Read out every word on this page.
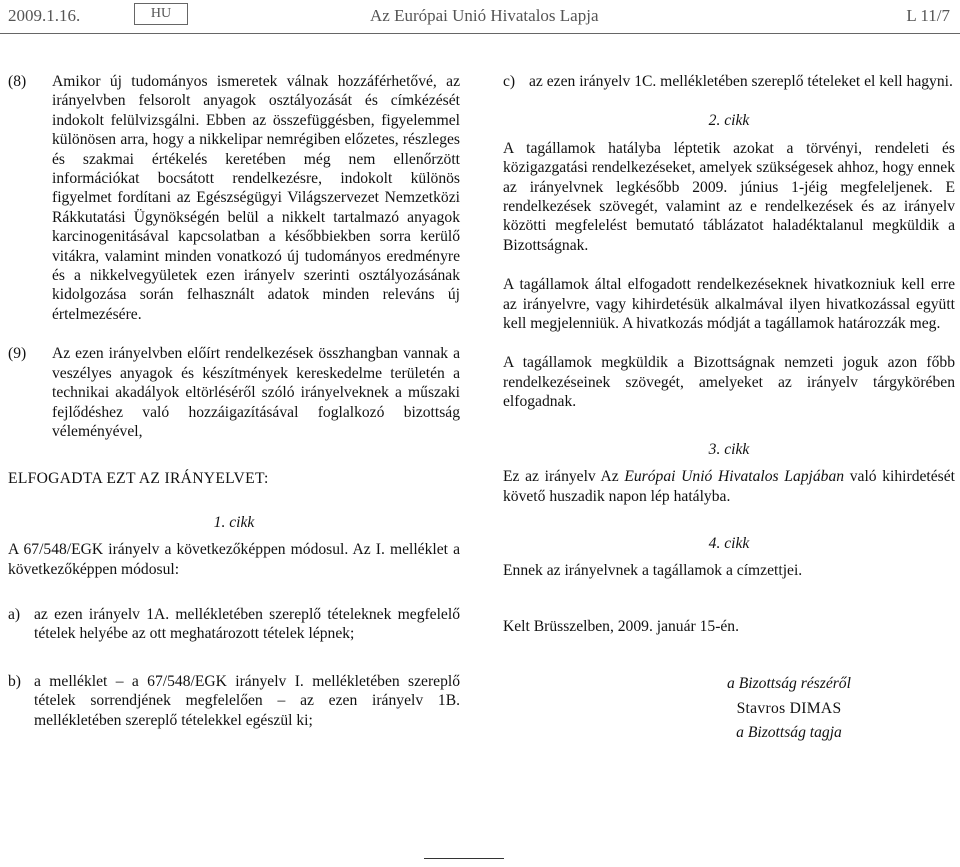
2009.1.16.	HU	Az Európai Unió Hivatalos Lapja	L 11/7
(8) Amikor új tudományos ismeretek válnak hozzáférhetővé, az irányelvben felsorolt anyagok osztályozását és címkézését indokolt felülvizsgálni. Ebben az összefüggésben, figyelemmel különösen arra, hogy a nikkelipar nemrégiben előzetes, részleges és szakmai értékelés keretében még nem ellenőrzött információkat bocsátott rendelkezésre, indokolt különös figyelmet fordítani az Egészségügyi Világszervezet Nemzetközi Rákkutatási Ügynökségén belül a nikkelt tartalmazó anyagok karcinogenitásával kapcsolatban a későbbiekben sorra kerülő vitákra, valamint minden vonatkozó új tudományos eredményre és a nikkelvegyületek ezen irányelv szerinti osztályozásának kidolgozása során felhasznált adatok minden releváns új értelmezésére.
(9) Az ezen irányelvben előírt rendelkezések összhangban vannak a veszélyes anyagok és készítmények kereskedelme területén a technikai akadályok eltörléséről szóló irányelveknek a műszaki fejlődéshez való hozzáigazításával foglalkozó bizottság véleményével,

ELFOGADTA EZT AZ IRÁNYELVET:

1. cikk

A 67/548/EGK irányelv a következőképpen módosul. Az I. melléklet a következőképpen módosul:

a) az ezen irányelv 1A. mellékletében szereplő tételeknek megfelelő tételek helyébe az ott meghatározott tételek lépnek;
b) a melléklet – a 67/548/EGK irányelv I. mellékletében szereplő tételek sorrendjének megfelelően – az ezen irányelv 1B. mellékletében szereplő tételekkel egészül ki;
c) az ezen irányelv 1C. mellékletében szereplő tételeket el kell hagyni.

2. cikk

A tagállamok hatályba léptetik azokat a törvényi, rendeleti és közigazgatási rendelkezéseket, amelyek szükségesek ahhoz, hogy ennek az irányelvnek legkésőbb 2009. június 1-jéig megfeleljenek. E rendelkezések szövegét, valamint az e rendelkezések és az irányelv közötti megfelelést bemutató táblázatot haladéktalanul megküldik a Bizottságnak.

A tagállamok által elfogadott rendelkezéseknek hivatkozniuk kell erre az irányelvre, vagy kihirdetésük alkalmával ilyen hivatkozással együtt kell megjelenniük. A hivatkozás módját a tagállamok határozzák meg.

A tagállamok megküldik a Bizottságnak nemzeti joguk azon főbb rendelkezéseinek szövegét, amelyeket az irányelv tárgykörében elfogadnak.

3. cikk

Ez az irányelv Az Európai Unió Hivatalos Lapjában való kihirdetését követő huszadik napon lép hatályba.

4. cikk

Ennek az irányelvnek a tagállamok a címzettjei.

Kelt Brüsszelben, 2009. január 15-én.

a Bizottság részéről
Stavros DIMAS
a Bizottság tagja
